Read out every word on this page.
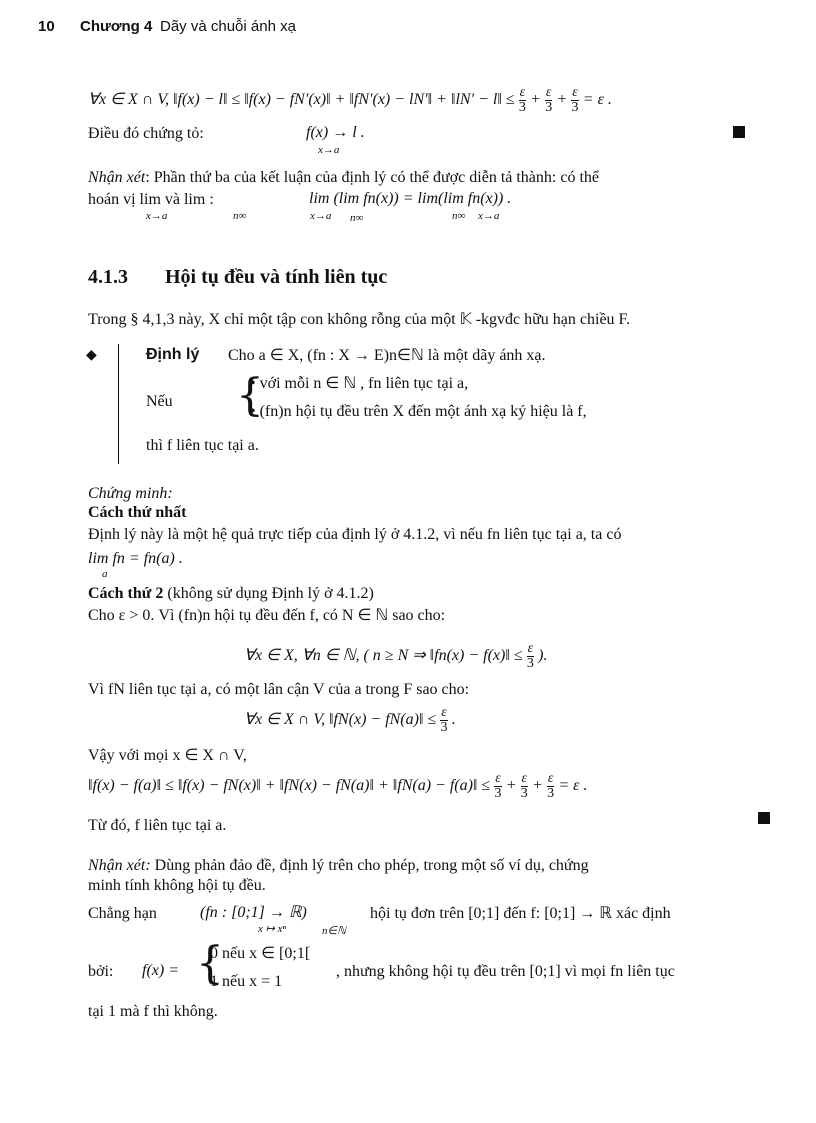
10 Chương 4 Dãy và chuỗi ánh xạ
∀x ∈ X ∩ V, ‖f(x) − l‖ ≤ ‖f(x) − fN′(x)‖ + ‖fN′(x) − lN′‖ + ‖lN′ − l‖ ≤ $\frac{\varepsilon}{3} + \frac{\varepsilon}{3} + \frac{\varepsilon}{3} = \varepsilon$ .
Điều đó chứng tỏ:	f(x) → l .
x→a
Nhận xét: Phần thứ ba của kết luận của định lý có thể được diễn tả thành: có thể
hoán vị lim và lim :
x→a	n∞
lim (lim fn(x)) = lim(lim fn(x)) .
x→a n∞	n∞ x→a
4.1.3 Hội tụ đều và tính liên tục
Trong § 4,1,3 này, X chỉ một tập con không rỗng của một 𝕂 -kgvđc hữu hạn chiều F.
◆	Định lý Cho a ∈ X, (fn : X → E)n∈ℕ là một dãy ánh xạ.
Nếu {
• với mỗi n ∈ ℕ , fn liên tục tại a,
• (fn)n hội tụ đều trên X đến một ánh xạ ký hiệu là f,
thì f liên tục tại a.
Chứng minh:
Cách thứ nhất
Định lý này là một hệ quả trực tiếp của định lý ở 4.1.2, vì nếu fn liên tục tại a, ta có
lim fn = fn(a) .
a
Cách thứ 2 (không sử dụng Định lý ở 4.1.2)
Cho ε > 0. Vì (fn)n hội tụ đều đến f, có N ∈ ℕ sao cho:
∀x ∈ X, ∀n ∈ ℕ, ( n ≥ N ⇒ ‖fn(x) − f(x)‖ ≤ $\frac{\varepsilon}{3}$ ).
Vì fN liên tục tại a, có một lân cận V của a trong F sao cho:
∀x ∈ X ∩ V, ‖fN(x) − fN(a)‖ ≤ $\frac{\varepsilon}{3}$ .
Vậy với mọi x ∈ X ∩ V,
‖f(x) − f(a)‖ ≤ ‖f(x) − fN(x)‖ + ‖fN(x) − fN(a)‖ + ‖fN(a) − f(a)‖ ≤ $\frac{\varepsilon}{3} + \frac{\varepsilon}{3} + \frac{\varepsilon}{3} = \varepsilon$ .
Từ đó, f liên tục tại a.
Nhận xét: Dùng phản đảo đề, định lý trên cho phép, trong một số ví dụ, chứng
minh tính không hội tụ đều.
Chẳng hạn	(fn : [0;1] → ℝ)
x ↦ xⁿ	n∈ℕ
hội tụ đơn trên [0;1] đến f: [0;1] → ℝ xác định
bởi: f(x) = {
0 nếu x ∈ [0;1[
1 nếu x = 1
, nhưng không hội tụ đều trên [0;1] vì mọi fn liên tục
tại 1 mà f thì không.
